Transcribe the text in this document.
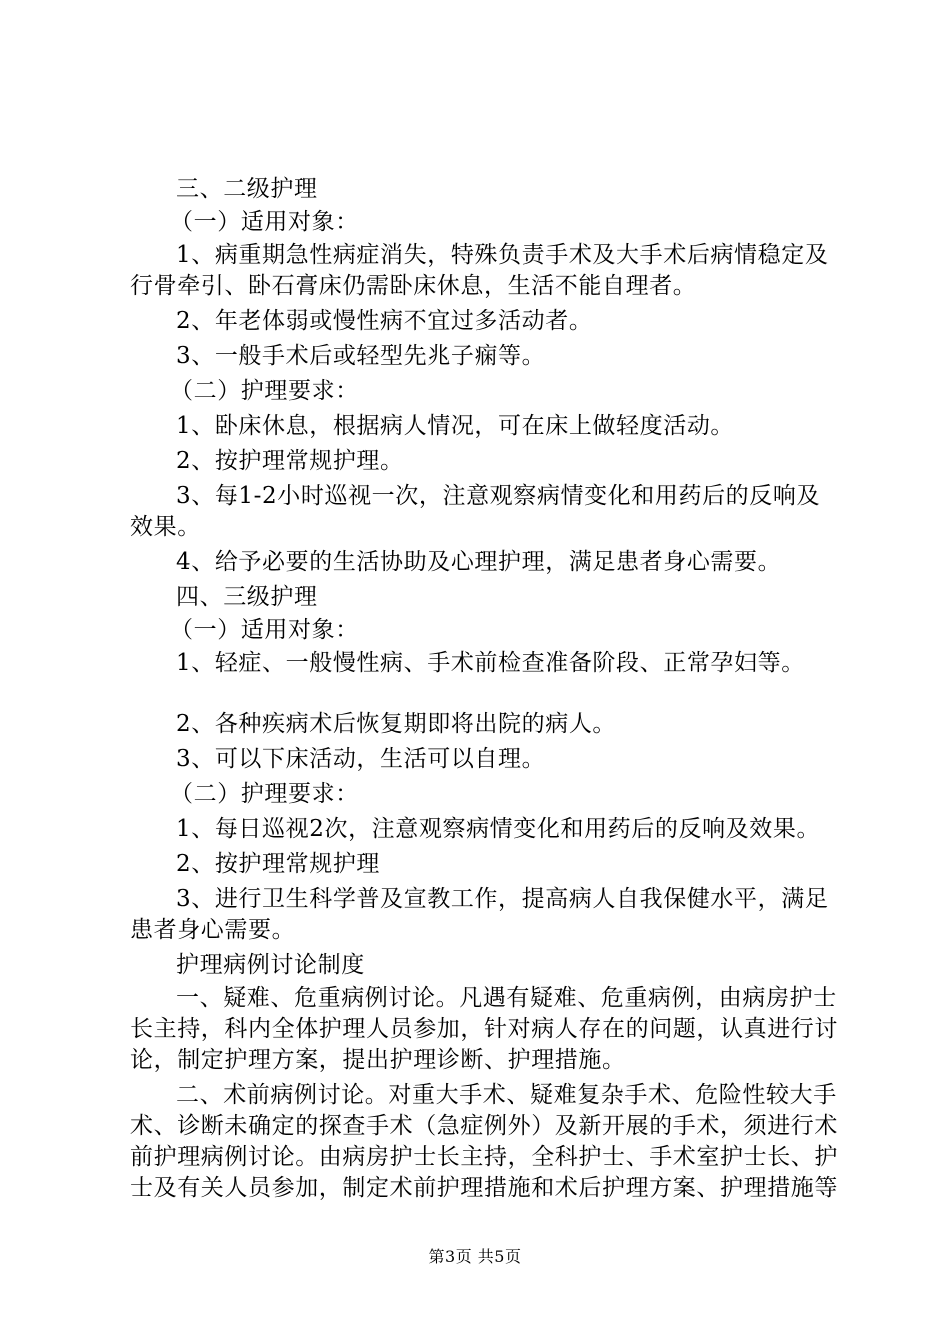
三、二级护理

（一）适用对象：

1、病重期急性病症消失，特殊负责手术及大手术后病情稳定及行骨牵引、卧石膏床仍需卧床休息，生活不能自理者。

2、年老体弱或慢性病不宜过多活动者。

3、一般手术后或轻型先兆子痫等。

（二）护理要求：

1、卧床休息，根据病人情况，可在床上做轻度活动。

2、按护理常规护理。

3、每1-2小时巡视一次，注意观察病情变化和用药后的反响及效果。

4、给予必要的生活协助及心理护理，满足患者身心需要。

四、三级护理

（一）适用对象：

1、轻症、一般慢性病、手术前检查准备阶段、正常孕妇等。

2、各种疾病术后恢复期即将出院的病人。

3、可以下床活动，生活可以自理。

（二）护理要求：

1、每日巡视2次，注意观察病情变化和用药后的反响及效果。

2、按护理常规护理

3、进行卫生科学普及宣教工作，提高病人自我保健水平，满足患者身心需要。

护理病例讨论制度

一、疑难、危重病例讨论。凡遇有疑难、危重病例，由病房护士长主持，科内全体护理人员参加，针对病人存在的问题，认真进行讨论，制定护理方案，提出护理诊断、护理措施。

二、术前病例讨论。对重大手术、疑难复杂手术、危险性较大手术、诊断未确定的探查手术（急症例外）及新开展的手术，须进行术前护理病例讨论。由病房护士长主持，全科护士、手术室护士长、护士及有关人员参加，制定术前护理措施和术后护理方案、护理措施等

第3页 共5页
